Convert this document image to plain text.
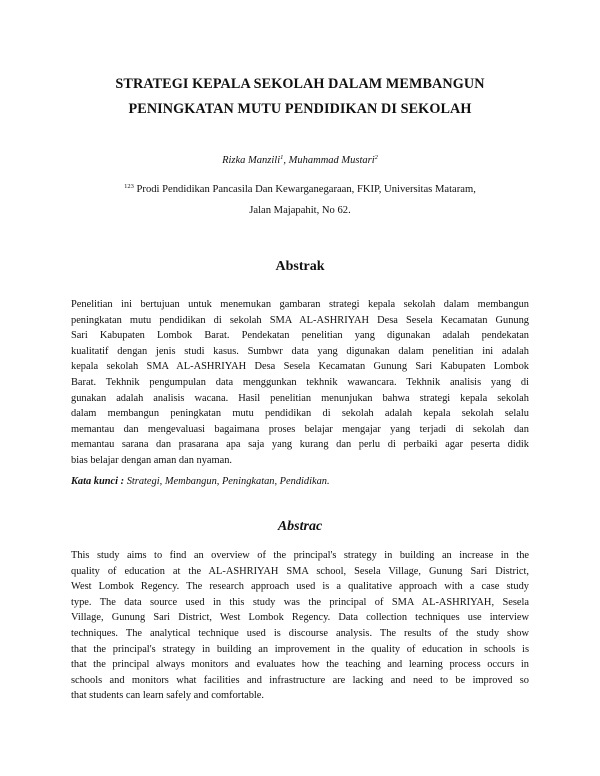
STRATEGI KEPALA SEKOLAH DALAM MEMBANGUN
PENINGKATAN MUTU PENDIDIKAN DI SEKOLAH
Rizka Manzili$^1$, Muhammad Mustari$^2$
$^{123}$ Prodi Pendidikan Pancasila Dan Kewarganegaraan, FKIP, Universitas Mataram,
Jalan Majapahit, No 62.
Abstrak
Penelitian ini bertujuan untuk menemukan gambaran strategi kepala sekolah dalam membangun
peningkatan mutu pendidikan di sekolah SMA AL-ASHRIYAH Desa Sesela Kecamatan Gunung
Sari Kabupaten Lombok Barat. Pendekatan penelitian yang digunakan adalah pendekatan
kualitatif dengan jenis studi kasus. Sumbwr data yang digunakan dalam penelitian ini adalah
kepala sekolah SMA AL-ASHRIYAH Desa Sesela Kecamatan Gunung Sari Kabupaten Lombok
Barat. Tekhnik pengumpulan data menggunkan tekhnik wawancara. Tekhnik analisis yang di
gunakan adalah analisis wacana. Hasil penelitian menunjukan bahwa strategi kepala sekolah
dalam membangun peningkatan mutu pendidikan di sekolah adalah kepala sekolah selalu
memantau dan mengevaluasi bagaimana proses belajar mengajar yang terjadi di sekolah dan
memantau sarana dan prasarana apa saja yang kurang dan perlu di perbaiki agar peserta didik
bias belajar dengan aman dan nyaman.
Kata kunci : Strategi, Membangun, Peningkatan, Pendidikan.
Abstrac
This study aims to find an overview of the principal's strategy in building an increase in the
quality of education at the AL-ASHRIYAH SMA school, Sesela Village, Gunung Sari District,
West Lombok Regency. The research approach used is a qualitative approach with a case study
type. The data source used in this study was the principal of SMA AL-ASHRIYAH, Sesela
Village, Gunung Sari District, West Lombok Regency. Data collection techniques use interview
techniques. The analytical technique used is discourse analysis. The results of the study show
that the principal's strategy in building an improvement in the quality of education in schools is
that the principal always monitors and evaluates how the teaching and learning process occurs in
schools and monitors what facilities and infrastructure are lacking and need to be improved so
that students can learn safely and comfortable.
